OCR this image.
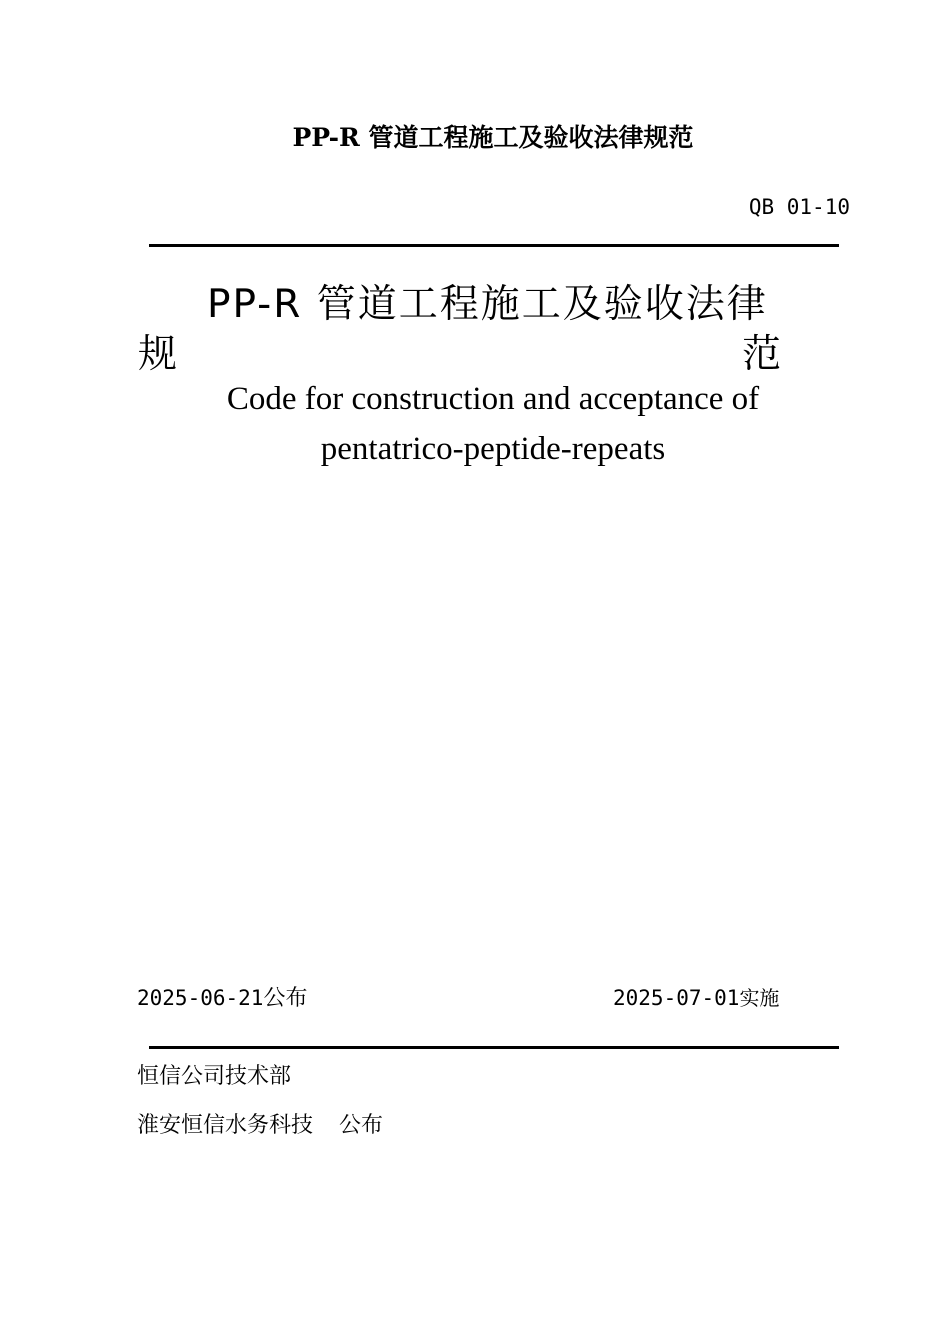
PP-R 管道工程施工及验收法律规范
QB 01-10
PP-R 管道工程施工及验收法律
规	范
Code for construction and acceptance of
pentatrico-peptide-repeats
2025-06-21公布	2025-07-01实施
恒信公司技术部
淮安恒信水务科技 公布
